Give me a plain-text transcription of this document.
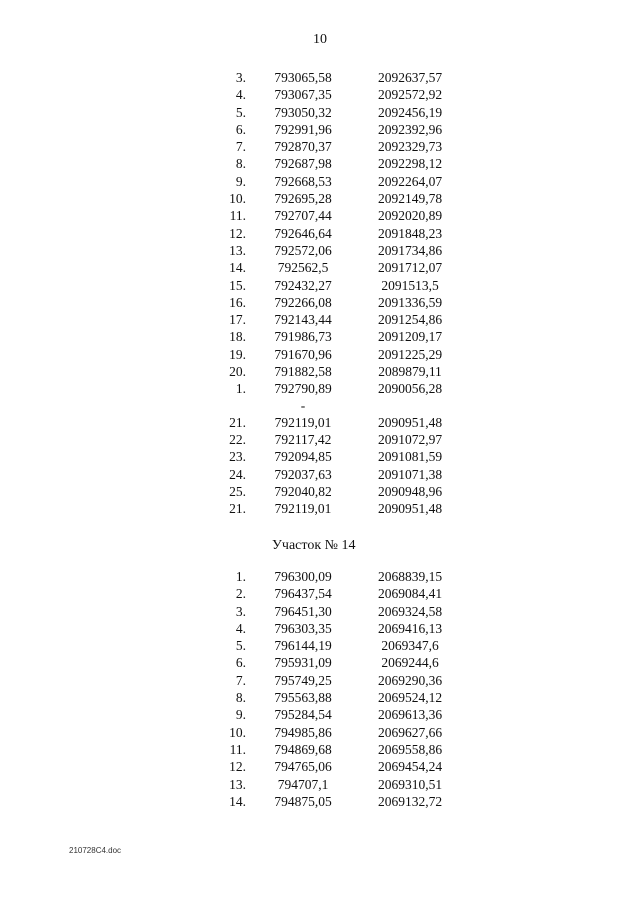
10
3.	793065,58	2092637,57
4.	793067,35	2092572,92
5.	793050,32	2092456,19
6.	792991,96	2092392,96
7.	792870,37	2092329,73
8.	792687,98	2092298,12
9.	792668,53	2092264,07
10.	792695,28	2092149,78
11.	792707,44	2092020,89
12.	792646,64	2091848,23
13.	792572,06	2091734,86
14.	792562,5	2091712,07
15.	792432,27	2091513,5
16.	792266,08	2091336,59
17.	792143,44	2091254,86
18.	791986,73	2091209,17
19.	791670,96	2091225,29
20.	791882,58	2089879,11
1.	792790,89	2090056,28
	-	
21.	792119,01	2090951,48
22.	792117,42	2091072,97
23.	792094,85	2091081,59
24.	792037,63	2091071,38
25.	792040,82	2090948,96
21.	792119,01	2090951,48
Участок № 14
1.	796300,09	2068839,15
2.	796437,54	2069084,41
3.	796451,30	2069324,58
4.	796303,35	2069416,13
5.	796144,19	2069347,6
6.	795931,09	2069244,6
7.	795749,25	2069290,36
8.	795563,88	2069524,12
9.	795284,54	2069613,36
10.	794985,86	2069627,66
11.	794869,68	2069558,86
12.	794765,06	2069454,24
13.	794707,1	2069310,51
14.	794875,05	2069132,72
210728C4.doc
